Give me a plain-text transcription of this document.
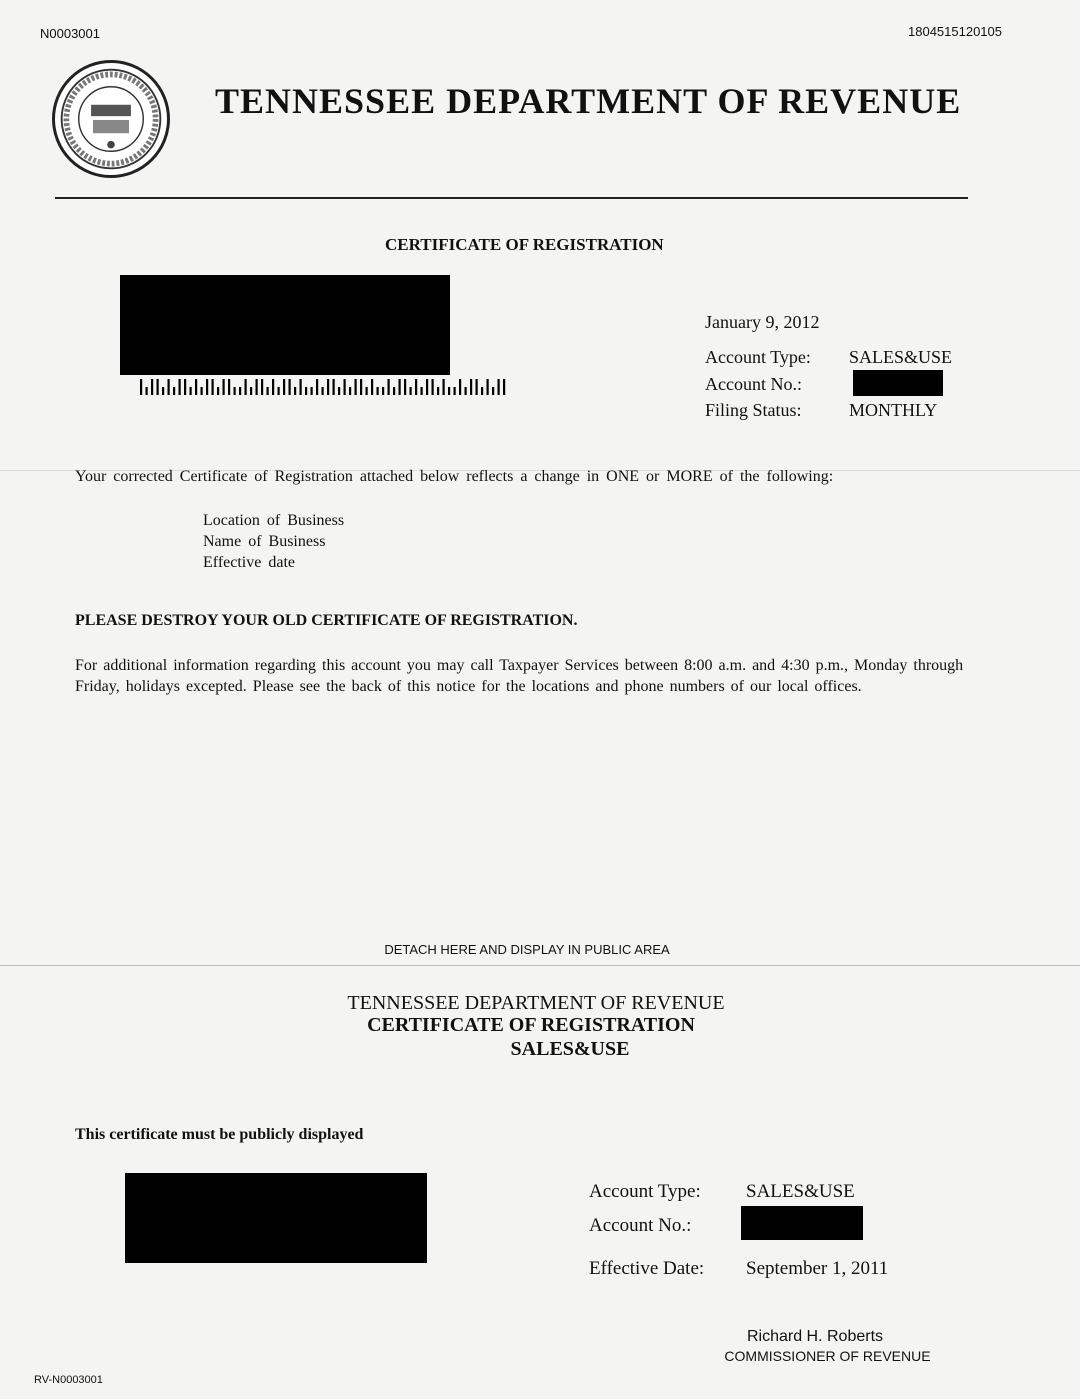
N0003001	1804515120105
TENNESSEE DEPARTMENT OF REVENUE
CERTIFICATE OF REGISTRATION
January 9, 2012
Account Type: SALES&USE
Account No.:
Filing Status:	MONTHLY
Your corrected Certificate of Registration attached below reflects a change in ONE or MORE of the following:
Location of Business
Name of Business
Effective date
PLEASE DESTROY YOUR OLD CERTIFICATE OF REGISTRATION.
For additional information regarding this account you may call Taxpayer Services between 8:00 a.m. and 4:30 p.m., Monday through Friday, holidays excepted. Please see the back of this notice for the locations and phone numbers of our local offices.
DETACH HERE AND DISPLAY IN PUBLIC AREA
TENNESSEE DEPARTMENT OF REVENUE
CERTIFICATE OF REGISTRATION
SALES&USE
This certificate must be publicly displayed
Account Type: SALES&USE
Account No.:
Effective Date: September 1, 2011
Richard H. Roberts
COMMISSIONER OF REVENUE
RV-N0003001
